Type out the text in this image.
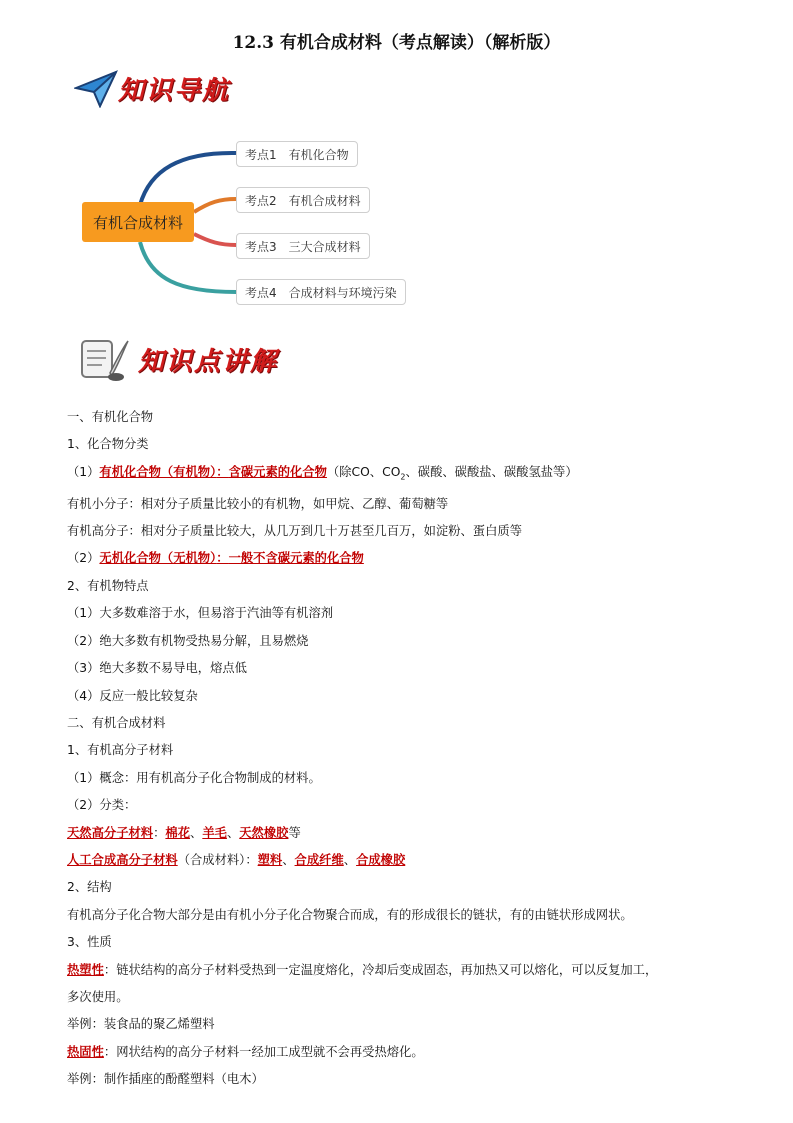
12.3 有机合成材料（考点解读）（解析版）
知识导航
有机合成材料
考点1　有机化合物
考点2　有机合成材料
考点3　三大合成材料
考点4　合成材料与环境污染
知识点讲解

一、有机化合物

1、化合物分类

（1）有机化合物（有机物）：含碳元素的化合物（除CO、$CO_2$、碳酸、碳酸盐、碳酸氢盐等）

有机小分子：相对分子质量比较小的有机物，如甲烷、乙醇、葡萄糖等

有机高分子：相对分子质量比较大，从几万到几十万甚至几百万，如淀粉、蛋白质等

（2）无机化合物（无机物）：一般不含碳元素的化合物

2、有机物特点

（1）大多数难溶于水，但易溶于汽油等有机溶剂

（2）绝大多数有机物受热易分解，且易燃烧

（3）绝大多数不易导电，熔点低

（4）反应一般比较复杂

二、有机合成材料

1、有机高分子材料

（1）概念：用有机高分子化合物制成的材料。

（2）分类：

天然高分子材料：棉花、羊毛、天然橡胶等

人工合成高分子材料（合成材料）：塑料、合成纤维、合成橡胶

2、结构

有机高分子化合物大部分是由有机小分子化合物聚合而成，有的形成很长的链状，有的由链状形成网状。

3、性质

热塑性：链状结构的高分子材料受热到一定温度熔化，冷却后变成固态，再加热又可以熔化，可以反复加工，

多次使用。

举例：装食品的聚乙烯塑料

热固性：网状结构的高分子材料一经加工成型就不会再受热熔化。

举例：制作插座的酚醛塑料（电木）
